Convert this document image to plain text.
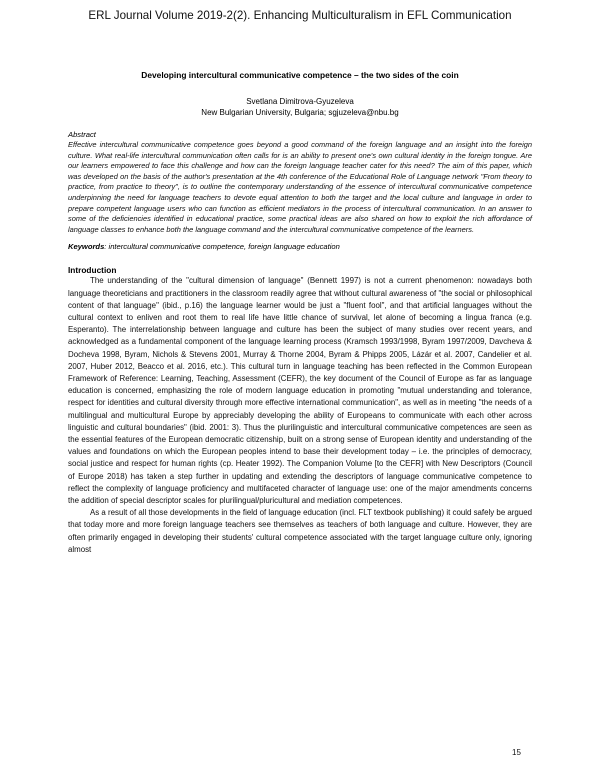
ERL Journal Volume 2019-2(2). Enhancing Multiculturalism in EFL Communication

Developing intercultural communicative competence – the two sides of the coin

Svetlana Dimitrova-Gyuzeleva

New Bulgarian University, Bulgaria; sgjuzeleva@nbu.bg

Abstract

Effective intercultural communicative competence goes beyond a good command of the foreign language and an insight into the foreign culture. What real-life intercultural communication often calls for is an ability to present one's own cultural identity in the foreign tongue. Are our learners empowered to face this challenge and how can the foreign language teacher cater for this need? The aim of this paper, which was developed on the basis of the author's presentation at the 4th conference of the Educational Role of Language network "From theory to practice, from practice to theory", is to outline the contemporary understanding of the essence of intercultural communicative competence underpinning the need for language teachers to devote equal attention to both the target and the local culture and language in order to prepare competent language users who can function as efficient mediators in the process of intercultural communication. In an answer to some of the deficiencies identified in educational practice, some practical ideas are also shared on how to exploit the rich affordance of language classes to enhance both the language command and the intercultural communicative competence of the learners.

Keywords: intercultural communicative competence, foreign language education

Introduction

The understanding of the "cultural dimension of language" (Bennett 1997) is not a current phenomenon: nowadays both language theoreticians and practitioners in the classroom readily agree that without cultural awareness of "the social or philosophical content of that language" (ibid., p.16) the language learner would be just a "fluent fool", and that artificial languages without the cultural context to enliven and root them to real life have little chance of survival, let alone of becoming a lingua franca (e.g. Esperanto). The interrelationship between language and culture has been the subject of many studies over recent years, and acknowledged as a fundamental component of the language learning process (Kramsch 1993/1998, Byram 1997/2009, Davcheva & Docheva 1998, Byram, Nichols & Stevens 2001, Murray & Thorne 2004, Byram & Phipps 2005, Lázár et al. 2007, Candelier et al. 2007, Huber 2012, Beacco et al. 2016, etc.). This cultural turn in language teaching has been reflected in the Common European Framework of Reference: Learning, Teaching, Assessment (CEFR), the key document of the Council of Europe as far as language education is concerned, emphasizing the role of modern language education in promoting "mutual understanding and tolerance, respect for identities and cultural diversity through more effective international communication", as well as in meeting "the needs of a multilingual and multicultural Europe by appreciably developing the ability of Europeans to communicate with each other across linguistic and cultural boundaries" (ibid. 2001: 3). Thus the plurilinguistic and intercultural communicative competences are seen as the essential features of the European democratic citizenship, built on a strong sense of European identity and understanding of the values and foundations on which the European peoples intend to base their development today – i.e. the principles of democracy, social justice and respect for human rights (cp. Heater 1992). The Companion Volume [to the CEFR] with New Descriptors (Council of Europe 2018) has taken a step further in updating and extending the descriptors of language communicative competence to reflect the complexity of language proficiency and multifaceted character of language use: one of the major amendments concerns the addition of special descriptor scales for plurilingual/pluricultural and mediation competences.

As a result of all those developments in the field of language education (incl. FLT textbook publishing) it could safely be argued that today more and more foreign language teachers see themselves as teachers of both language and culture. However, they are often primarily engaged in developing their students' cultural competence associated with the target language culture only, ignoring almost

15
